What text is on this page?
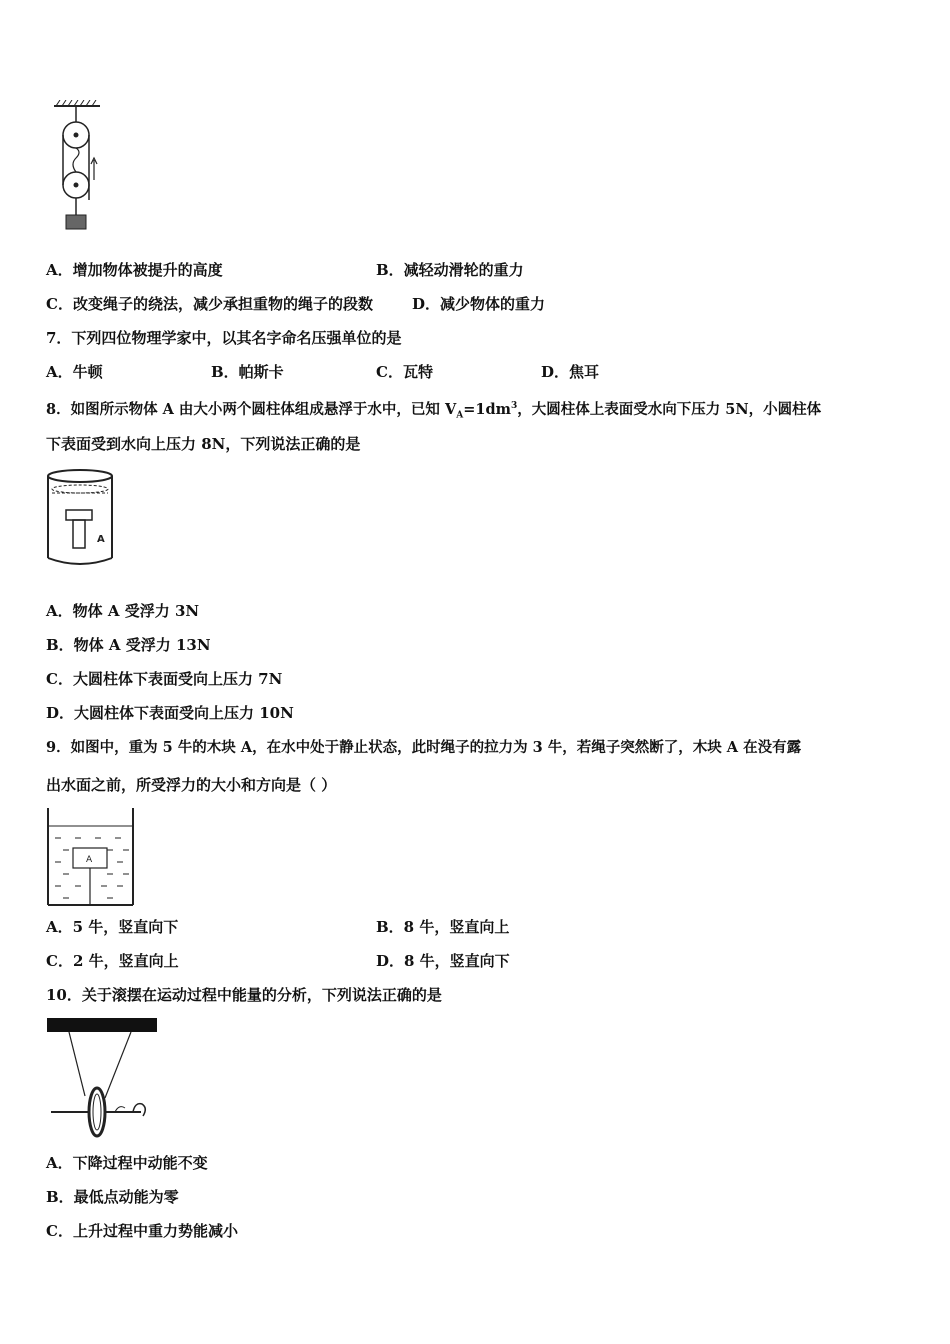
A．增加物体被提升的高度	B．减轻动滑轮的重力
C．改变绳子的绕法，减少承担重物的绳子的段数	D．减少物体的重力
7．下列四位物理学家中，以其名字命名压强单位的是
A．牛顿	B．帕斯卡	C．瓦特	D．焦耳
8．如图所示物体 A 由大小两个圆柱体组成悬浮于水中，已知 $V_A=1dm^3$，大圆柱体上表面受水向下压力 5N，小圆柱体
下表面受到水向上压力 8N，下列说法正确的是
A
A．物体 A 受浮力 3N
B．物体 A 受浮力 13N
C．大圆柱体下表面受向上压力 7N
D．大圆柱体下表面受向上压力 10N
9．如图中，重为 5 牛的木块 A，在水中处于静止状态，此时绳子的拉力为 3 牛，若绳子突然断了，木块 A 在没有露
出水面之前，所受浮力的大小和方向是（ ）
A
A．5 牛，竖直向下	B．8 牛，竖直向上
C．2 牛，竖直向上	D．8 牛，竖直向下
10．关于滚摆在运动过程中能量的分析，下列说法正确的是
A．下降过程中动能不变
B．最低点动能为零
C．上升过程中重力势能减小
